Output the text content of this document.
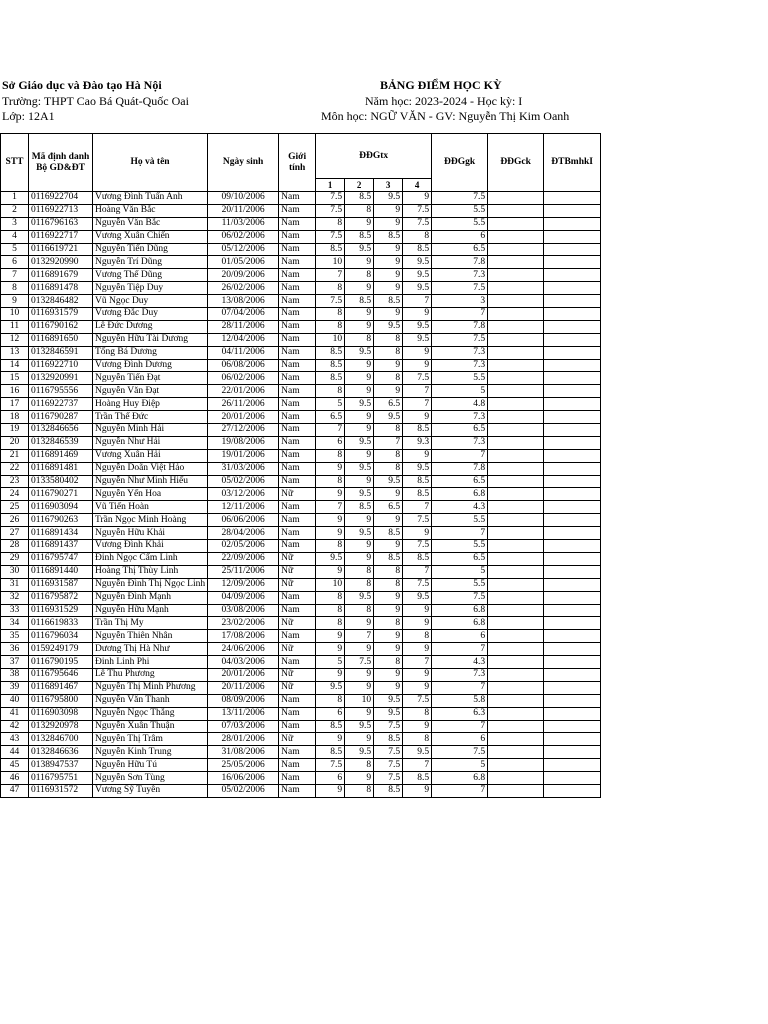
Sở Giáo dục và Đào tạo Hà Nội
Trường: THPT Cao Bá Quát-Quốc Oai
Lớp: 12A1
BẢNG ĐIỂM HỌC KỲ
Năm học: 2023-2024 - Học kỳ: I
Môn học: NGỮ VĂN - GV: Nguyễn Thị Kim Oanh
STT	Mã định danh Bộ GD&ĐT	Họ và tên	Ngày sinh	Giới tính	ĐĐGtx				ĐĐGgk	ĐĐGck	ĐTBmhkI
					1	2	3	4			
1	0116922704	Vương Đình Tuấn Anh	09/10/2006	Nam	7.5	8.5	9.5	9	7.5		
2	0116922713	Hoàng Văn Bắc	20/11/2006	Nam	7.5	8	9	7.5	5.5		
3	0116796163	Nguyễn Văn Bắc	11/03/2006	Nam	8	9	9	7.5	5.5		
4	0116922717	Vương Xuân Chiến	06/02/2006	Nam	7.5	8.5	8.5	8	6		
5	0116619721	Nguyễn Tiến Dũng	05/12/2006	Nam	8.5	9.5	9	8.5	6.5		
6	0132920990	Nguyễn Trí Dũng	01/05/2006	Nam	10	9	9	9.5	7.8		
7	0116891679	Vương Thế Dũng	20/09/2006	Nam	7	8	9	9.5	7.3		
8	0116891478	Nguyễn Tiệp Duy	26/02/2006	Nam	8	9	9	9.5	7.5		
9	0132846482	Vũ Ngọc Duy	13/08/2006	Nam	7.5	8.5	8.5	7	3		
10	0116931579	Vương Đắc Duy	07/04/2006	Nam	8	9	9	9	7		
11	0116790162	Lê Đức Dương	28/11/2006	Nam	8	9	9.5	9.5	7.8		
12	0116891650	Nguyễn Hữu Tài Dương	12/04/2006	Nam	10	8	8	9.5	7.5		
13	0132846591	Tống Bá Dương	04/11/2006	Nam	8.5	9.5	8	9	7.3		
14	0116922710	Vương Đình Dương	06/08/2006	Nam	8.5	9	9	9	7.3		
15	0132920991	Nguyễn Tiến Đạt	06/02/2006	Nam	8.5	9	8	7.5	5.5		
16	0116795556	Nguyễn Văn Đạt	22/01/2006	Nam	8	9	9	7	5		
17	0116922737	Hoàng Huy Điệp	26/11/2006	Nam	5	9.5	6.5	7	4.8		
18	0116790287	Trần Thế Đức	20/01/2006	Nam	6.5	9	9.5	9	7.3		
19	0132846656	Nguyễn Minh Hải	27/12/2006	Nam	7	9	8	8.5	6.5		
20	0132846539	Nguyễn Như Hải	19/08/2006	Nam	6	9.5	7	9.3	7.3		
21	0116891469	Vương Xuân Hải	19/01/2006	Nam	8	9	8	9	7		
22	0116891481	Nguyễn Doãn Việt Hảo	31/03/2006	Nam	9	9.5	8	9.5	7.8		
23	0133580402	Nguyễn Như Minh Hiếu	05/02/2006	Nam	8	9	9.5	8.5	6.5		
24	0116790271	Nguyễn Yến Hoa	03/12/2006	Nữ	9	9.5	9	8.5	6.8		
25	0116903094	Vũ Tiến Hoàn	12/11/2006	Nam	7	8.5	6.5	7	4.3		
26	0116790263	Trần Ngọc Minh Hoàng	06/06/2006	Nam	9	9	9	7.5	5.5		
27	0116891434	Nguyễn Hữu Khải	28/04/2006	Nam	9	9.5	8.5	9	7		
28	0116891437	Vương Đình Khải	02/05/2006	Nam	8	9	9	7.5	5.5		
29	0116795747	Đinh Ngọc Cẩm Linh	22/09/2006	Nữ	9.5	9	8.5	8.5	6.5		
30	0116891440	Hoàng Thị Thùy Linh	25/11/2006	Nữ	9	8	8	7	5		
31	0116931587	Nguyễn Đình Thị Ngọc Linh	12/09/2006	Nữ	10	8	8	7.5	5.5		
32	0116795872	Nguyễn Đình Mạnh	04/09/2006	Nam	8	9.5	9	9.5	7.5		
33	0116931529	Nguyễn Hữu Mạnh	03/08/2006	Nam	8	8	9	9	6.8		
34	0116619833	Trần Thị My	23/02/2006	Nữ	8	9	8	9	6.8		
35	0116796034	Nguyễn Thiên Nhân	17/08/2006	Nam	9	7	9	8	6		
36	0159249179	Dương Thị Hà Như	24/06/2006	Nữ	9	9	9	9	7		
37	0116790195	Đinh Linh Phi	04/03/2006	Nam	5	7.5	8	7	4.3		
38	0116795646	Lê Thu Phương	20/01/2006	Nữ	9	9	9	9	7.3		
39	0116891467	Nguyễn Thị Minh Phương	20/11/2006	Nữ	9.5	9	9	9	7		
40	0116795800	Nguyễn Văn Thanh	08/09/2006	Nam	8	10	9.5	7.5	5.8		
41	0116903098	Nguyễn Ngọc Thắng	13/11/2006	Nam	6	9	9.5	8	6.3		
42	0132920978	Nguyễn Xuân Thuận	07/03/2006	Nam	8.5	9.5	7.5	9	7		
43	0132846700	Nguyễn Thị Trâm	28/01/2006	Nữ	9	9	8.5	8	6		
44	0132846636	Nguyễn Kinh Trung	31/08/2006	Nam	8.5	9.5	7.5	9.5	7.5		
45	0138947537	Nguyễn Hữu Tú	25/05/2006	Nam	7.5	8	7.5	7	5		
46	0116795751	Nguyễn Sơn Tùng	16/06/2006	Nam	6	9	7.5	8.5	6.8		
47	0116931572	Vương Sỹ Tuyên	05/02/2006	Nam	9	8	8.5	9	7		
